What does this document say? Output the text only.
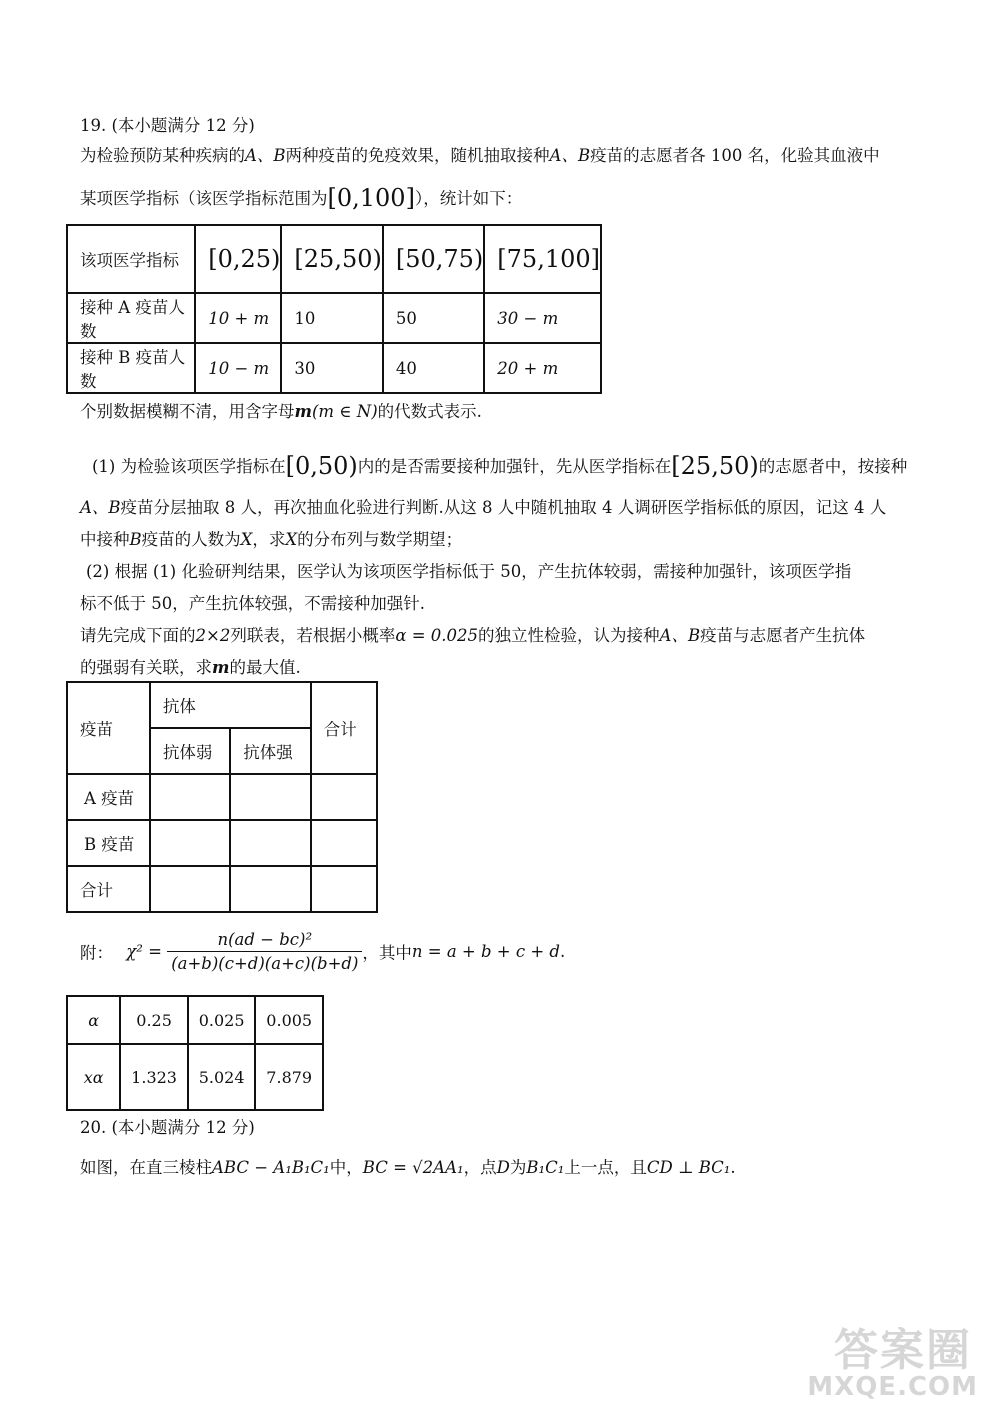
19. (本小题满分 12 分)
为检验预防某种疾病的A、B两种疫苗的免疫效果，随机抽取接种A、B疫苗的志愿者各 100 名，化验其血液中
某项医学指标（该医学指标范围为[0,100]），统计如下：
该项医学指标	[0,25)	[25,50)	[50,75)	[75,100]
接种 A 疫苗人数	10 + m	10	50	30 − m
接种 B 疫苗人数	10 − m	30	40	20 + m
个别数据模糊不清，用含字母m(m ∈ N)的代数式表示.
(1) 为检验该项医学指标在[0,50)内的是否需要接种加强针，先从医学指标在[25,50)的志愿者中，按接种
A、B疫苗分层抽取 8 人，再次抽血化验进行判断.从这 8 人中随机抽取 4 人调研医学指标低的原因，记这 4 人
中接种B疫苗的人数为X，求X的分布列与数学期望；
(2) 根据 (1) 化验研判结果，医学认为该项医学指标低于 50，产生抗体较弱，需接种加强针，该项医学指
标不低于 50，产生抗体较强，不需接种加强针.
请先完成下面的2×2列联表，若根据小概率α = 0.025的独立性检验，认为接种A、B疫苗与志愿者产生抗体
的强弱有关联，求m的最大值.
疫苗	抗体		合计
	抗体弱	抗体强	
A 疫苗			
B 疫苗			
合计			
附： $\chi^2 = \frac{\text{n(ad − bc)²}}{(a+b)(c+d)(a+c)(b+d)}$ ，其中n = a + b + c + d.
α	0.25	0.025	0.005
xα	1.323	5.024	7.879
20. (本小题满分 12 分)
如图，在直三棱柱ABC − A₁B₁C₁中，BC = √2AA₁，点D为B₁C₁上一点，且CD ⊥ BC₁.
答案圈
MXQE.COM
